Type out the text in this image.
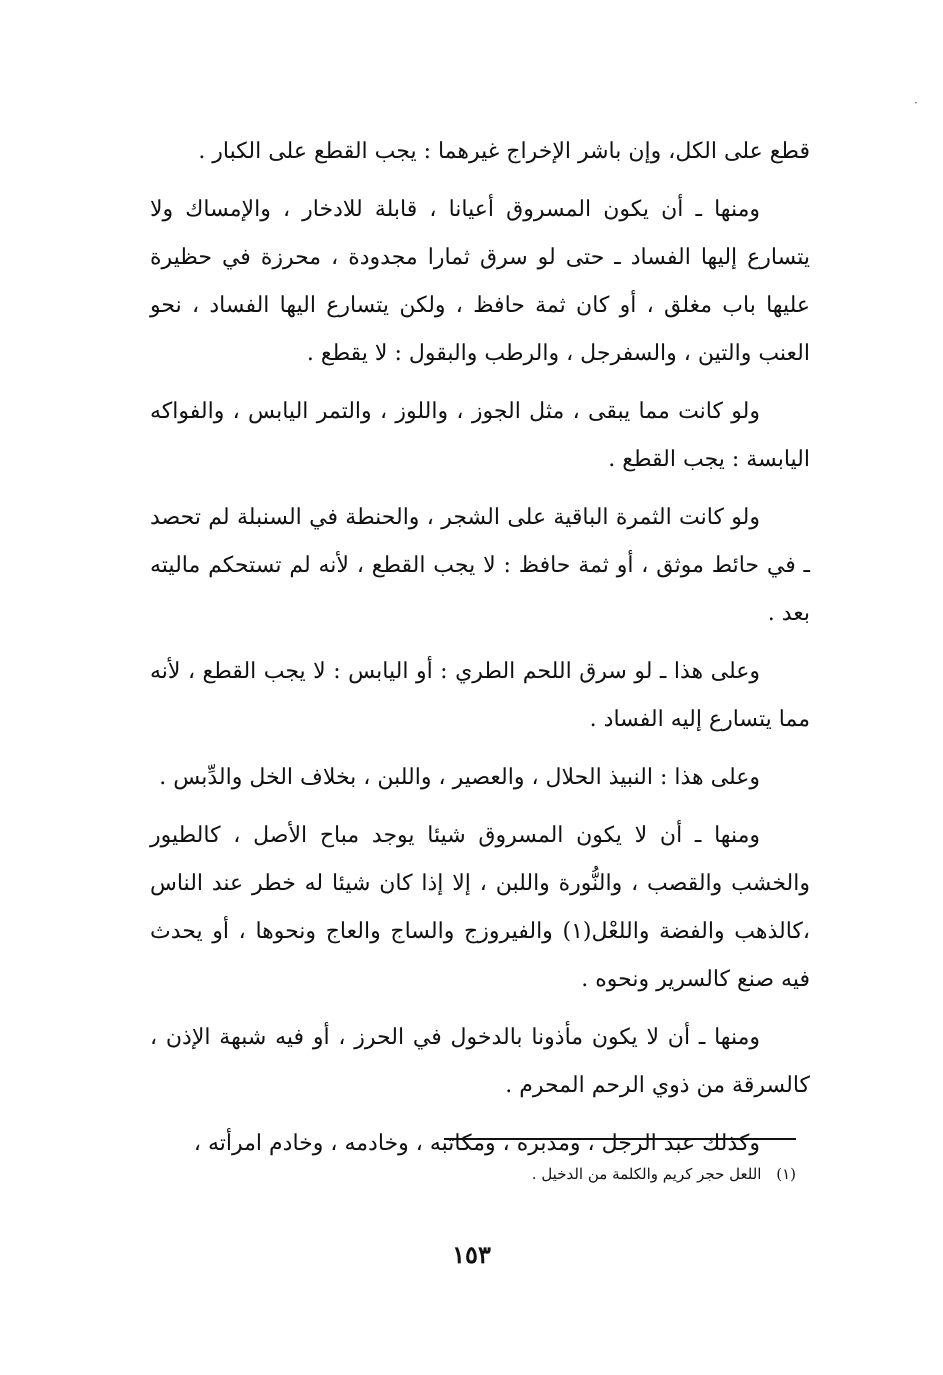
·

قطع على الكل، وإن باشر الإخراج غيرهما : يجب القطع على الكبار .

ومنها ـ أن يكون المسروق أعيانا ، قابلة للادخار ، والإمساك ولا يتسارع إليها الفساد ـ حتى لو سرق ثمارا مجدودة ، محرزة في حظيرة عليها باب مغلق ، أو كان ثمة حافظ ، ولكن يتسارع اليها الفساد ، نحو العنب والتين ، والسفرجل ، والرطب والبقول : لا يقطع .

ولو كانت مما يبقى ، مثل الجوز ، واللوز ، والتمر اليابس ، والفواكه اليابسة : يجب القطع .

ولو كانت الثمرة الباقية على الشجر ، والحنطة في السنبلة لم تحصد ـ في حائط موثق ، أو ثمة حافظ : لا يجب القطع ، لأنه لم تستحكم ماليته بعد .

وعلى هذا ـ لو سرق اللحم الطري : أو اليابس : لا يجب القطع ، لأنه مما يتسارع إليه الفساد .

وعلى هذا : النبيذ الحلال ، والعصير ، واللبن ، بخلاف الخل والدِّبس .

ومنها ـ أن لا يكون المسروق شيئا يوجد مباح الأصل ، كالطيور والخشب والقصب ، والنُّورة واللبن ، إلا إذا كان شيئا له خطر عند الناس ،كالذهب والفضة واللعْل(١) والفيروزج والساج والعاج ونحوها ، أو يحدث فيه صنع كالسرير ونحوه .

ومنها ـ أن لا يكون مأذونا بالدخول في الحرز ، أو فيه شبهة الإذن ، كالسرقة من ذوي الرحم المحرم .

وكذلك عبد الرجل ، ومدبره ، ومكاتبه ، وخادمه ، وخادم امرأته ،

(١) اللعل حجر كريم والكلمة من الدخيل .
١٥٣
